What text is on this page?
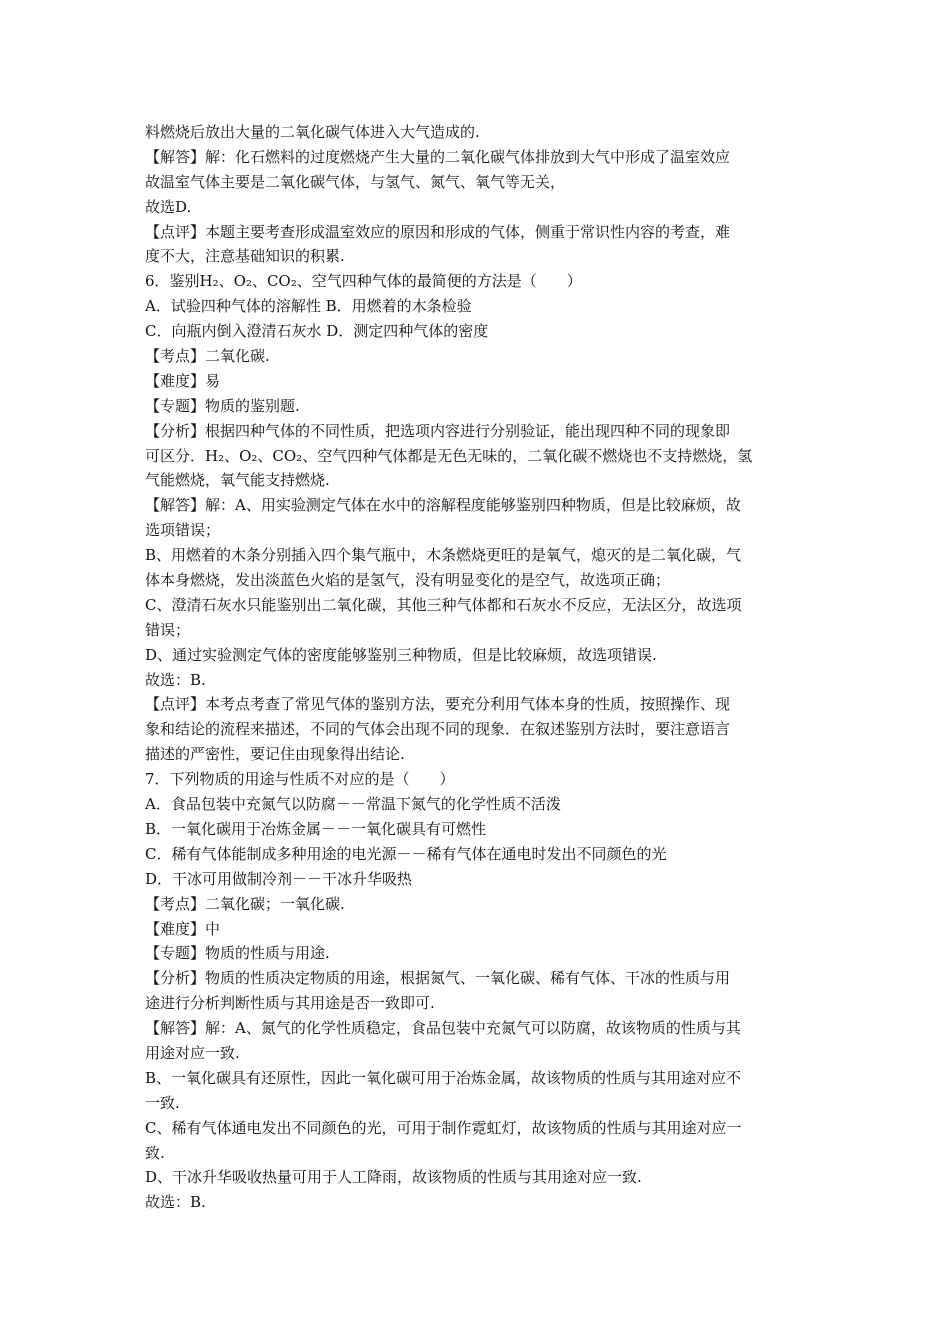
料燃烧后放出大量的二氧化碳气体进入大气造成的.
【解答】解：化石燃料的过度燃烧产生大量的二氧化碳气体排放到大气中形成了温室效应
故温室气体主要是二氧化碳气体，与氢气、氮气、氧气等无关，
故选D.
【点评】本题主要考查形成温室效应的原因和形成的气体，侧重于常识性内容的考查，难
度不大，注意基础知识的积累.
6．鉴别H₂、O₂、CO₂、空气四种气体的最简便的方法是（　　）
A．试验四种气体的溶解性 B．用燃着的木条检验
C．向瓶内倒入澄清石灰水 D．测定四种气体的密度
【考点】二氧化碳.
【难度】易
【专题】物质的鉴别题.
【分析】根据四种气体的不同性质，把选项内容进行分别验证，能出现四种不同的现象即
可区分．H₂、O₂、CO₂、空气四种气体都是无色无味的，二氧化碳不燃烧也不支持燃烧，氢
气能燃烧，氧气能支持燃烧.
【解答】解：A、用实验测定气体在水中的溶解程度能够鉴别四种物质，但是比较麻烦，故
选项错误；
B、用燃着的木条分别插入四个集气瓶中，木条燃烧更旺的是氧气，熄灭的是二氧化碳，气
体本身燃烧，发出淡蓝色火焰的是氢气，没有明显变化的是空气，故选项正确；
C、澄清石灰水只能鉴别出二氧化碳，其他三种气体都和石灰水不反应，无法区分，故选项
错误；
D、通过实验测定气体的密度能够鉴别三种物质，但是比较麻烦，故选项错误.
故选：B.
【点评】本考点考查了常见气体的鉴别方法，要充分利用气体本身的性质，按照操作、现
象和结论的流程来描述，不同的气体会出现不同的现象．在叙述鉴别方法时，要注意语言
描述的严密性，要记住由现象得出结论.
7．下列物质的用途与性质不对应的是（　　）
A．食品包装中充氮气以防腐－－常温下氮气的化学性质不活泼
B．一氧化碳用于冶炼金属－－一氧化碳具有可燃性
C．稀有气体能制成多种用途的电光源－－稀有气体在通电时发出不同颜色的光
D．干冰可用做制冷剂－－干冰升华吸热
【考点】二氧化碳；一氧化碳.
【难度】中
【专题】物质的性质与用途.
【分析】物质的性质决定物质的用途，根据氮气、一氧化碳、稀有气体、干冰的性质与用
途进行分析判断性质与其用途是否一致即可.
【解答】解：A、氮气的化学性质稳定，食品包装中充氮气可以防腐，故该物质的性质与其
用途对应一致.
B、一氧化碳具有还原性，因此一氧化碳可用于冶炼金属，故该物质的性质与其用途对应不
一致.
C、稀有气体通电发出不同颜色的光，可用于制作霓虹灯，故该物质的性质与其用途对应一
致.
D、干冰升华吸收热量可用于人工降雨，故该物质的性质与其用途对应一致.
故选：B.
